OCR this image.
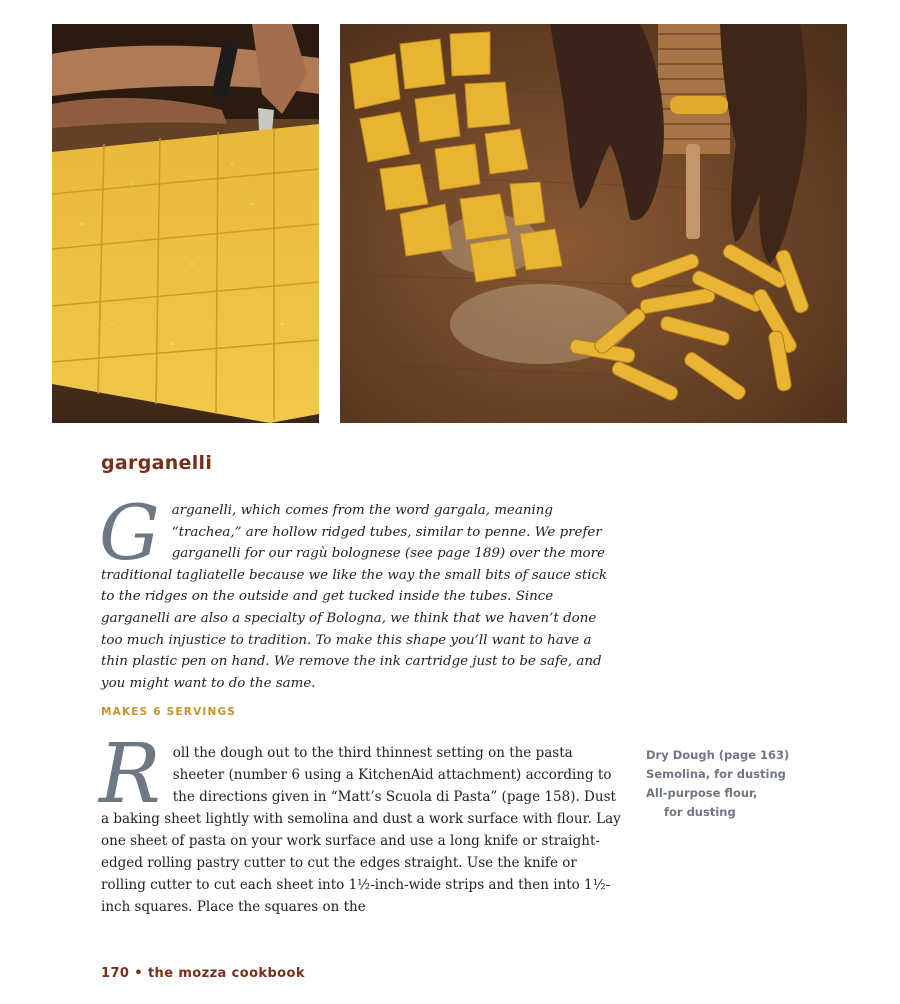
garganelli

Garganelli, which comes from the word gargala, meaning “trachea,” are hollow ridged tubes, similar to penne. We prefer garganelli for our ragù bolognese (see page 189) over the more traditional tagliatelle because we like the way the small bits of sauce stick to the ridges on the outside and get tucked inside the tubes. Since garganelli are also a specialty of Bologna, we think that we haven’t done too much injustice to tradition. To make this shape you’ll want to have a thin plastic pen on hand. We remove the ink cartridge just to be safe, and you might want to do the same.

MAKES 6 SERVINGS

Roll the dough out to the third thinnest setting on the pasta sheeter (number 6 using a KitchenAid attachment) according to the directions given in “Matt’s Scuola di Pasta” (page 158). Dust a baking sheet lightly with semolina and dust a work surface with flour. Lay one sheet of pasta on your work surface and use a long knife or straight-edged rolling pastry cutter to cut the edges straight. Use the knife or rolling cutter to cut each sheet into 1½-inch-wide strips and then into 1½-inch squares. Place the squares on the

Dry Dough (page 163)
Semolina, for dusting
All-purpose flour,
for dusting
170 • the mozza cookbook
